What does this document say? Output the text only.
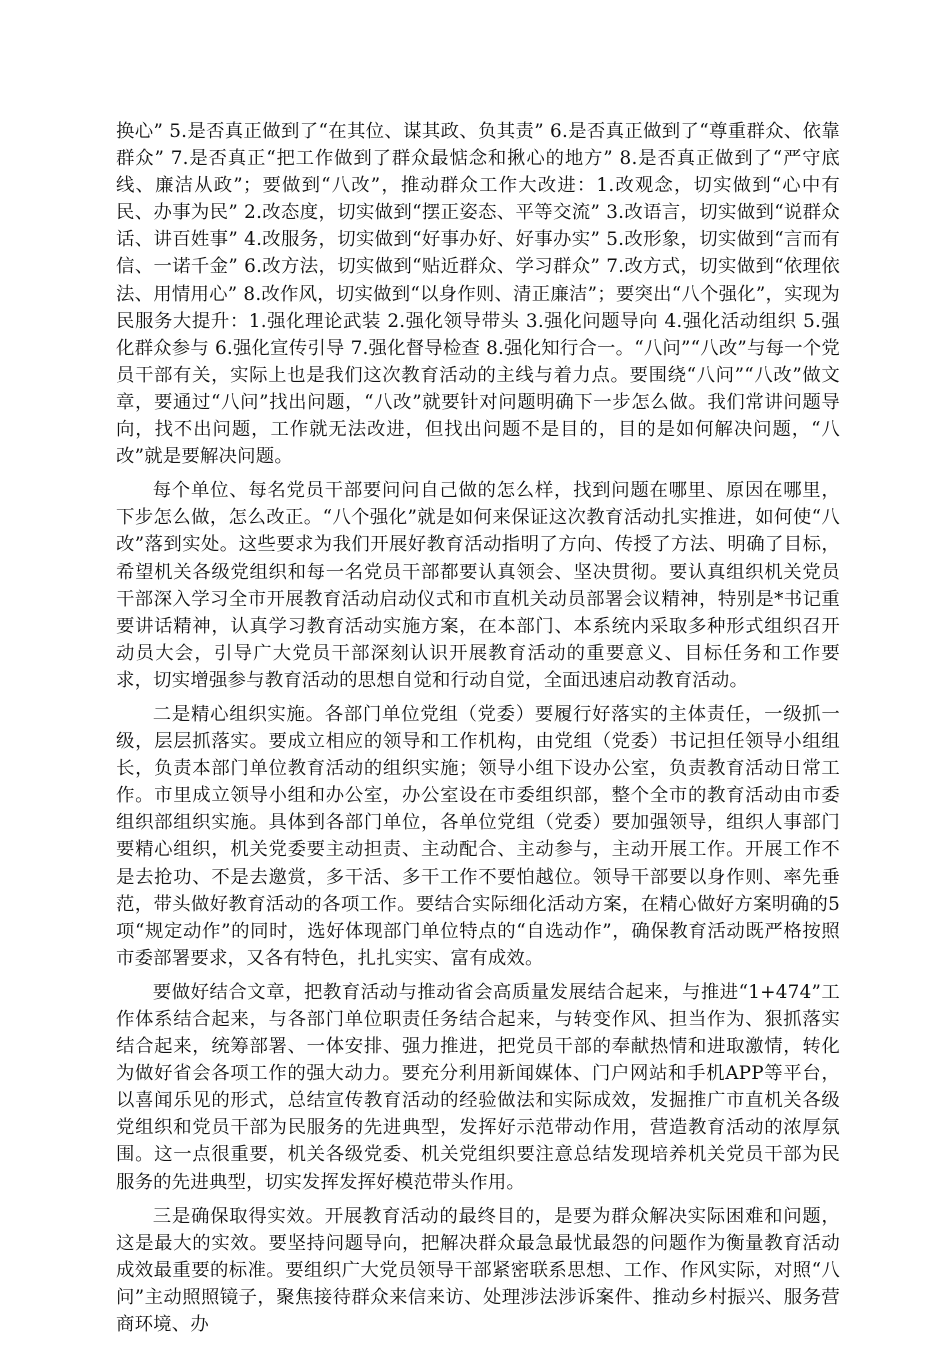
换心” 5.是否真正做到了“在其位、谋其政、负其责” 6.是否真正做到了“尊重群众、依靠群众” 7.是否真正“把工作做到了群众最惦念和揪心的地方” 8.是否真正做到了“严守底线、廉洁从政”；要做到“八改”，推动群众工作大改进：1.改观念，切实做到“心中有民、办事为民” 2.改态度，切实做到“摆正姿态、平等交流” 3.改语言，切实做到“说群众话、讲百姓事” 4.改服务，切实做到“好事办好、好事办实” 5.改形象，切实做到“言而有信、一诺千金” 6.改方法，切实做到“贴近群众、学习群众” 7.改方式，切实做到“依理依法、用情用心” 8.改作风，切实做到“以身作则、清正廉洁”；要突出“八个强化”，实现为民服务大提升：1.强化理论武装 2.强化领导带头 3.强化问题导向 4.强化活动组织 5.强化群众参与 6.强化宣传引导 7.强化督导检查 8.强化知行合一。“八问”“八改”与每一个党员干部有关，实际上也是我们这次教育活动的主线与着力点。要围绕“八问”“八改”做文章，要通过“八问”找出问题，“八改”就要针对问题明确下一步怎么做。我们常讲问题导向，找不出问题，工作就无法改进，但找出问题不是目的，目的是如何解决问题，“八改”就是要解决问题。

每个单位、每名党员干部要问问自己做的怎么样，找到问题在哪里、原因在哪里，下步怎么做，怎么改正。“八个强化”就是如何来保证这次教育活动扎实推进，如何使“八改”落到实处。这些要求为我们开展好教育活动指明了方向、传授了方法、明确了目标，希望机关各级党组织和每一名党员干部都要认真领会、坚决贯彻。要认真组织机关党员干部深入学习全市开展教育活动启动仪式和市直机关动员部署会议精神，特别是*书记重要讲话精神，认真学习教育活动实施方案，在本部门、本系统内采取多种形式组织召开动员大会，引导广大党员干部深刻认识开展教育活动的重要意义、目标任务和工作要求，切实增强参与教育活动的思想自觉和行动自觉，全面迅速启动教育活动。

二是精心组织实施。各部门单位党组（党委）要履行好落实的主体责任，一级抓一级，层层抓落实。要成立相应的领导和工作机构，由党组（党委）书记担任领导小组组长，负责本部门单位教育活动的组织实施；领导小组下设办公室，负责教育活动日常工作。市里成立领导小组和办公室，办公室设在市委组织部，整个全市的教育活动由市委组织部组织实施。具体到各部门单位，各单位党组（党委）要加强领导，组织人事部门要精心组织，机关党委要主动担责、主动配合、主动参与，主动开展工作。开展工作不是去抢功、不是去邀赏，多干活、多干工作不要怕越位。领导干部要以身作则、率先垂范，带头做好教育活动的各项工作。要结合实际细化活动方案，在精心做好方案明确的5项“规定动作”的同时，选好体现部门单位特点的“自选动作”，确保教育活动既严格按照市委部署要求，又各有特色，扎扎实实、富有成效。

要做好结合文章，把教育活动与推动省会高质量发展结合起来，与推进“1+474”工作体系结合起来，与各部门单位职责任务结合起来，与转变作风、担当作为、狠抓落实结合起来，统筹部署、一体安排、强力推进，把党员干部的奉献热情和进取激情，转化为做好省会各项工作的强大动力。要充分利用新闻媒体、门户网站和手机APP等平台，以喜闻乐见的形式，总结宣传教育活动的经验做法和实际成效，发掘推广市直机关各级党组织和党员干部为民服务的先进典型，发挥好示范带动作用，营造教育活动的浓厚氛围。这一点很重要，机关各级党委、机关党组织要注意总结发现培养机关党员干部为民服务的先进典型，切实发挥发挥好模范带头作用。

三是确保取得实效。开展教育活动的最终目的，是要为群众解决实际困难和问题，这是最大的实效。要坚持问题导向，把解决群众最急最忧最怨的问题作为衡量教育活动成效最重要的标准。要组织广大党员领导干部紧密联系思想、工作、作风实际，对照“八问”主动照照镜子，聚焦接待群众来信来访、处理涉法涉诉案件、推动乡村振兴、服务营商环境、办
